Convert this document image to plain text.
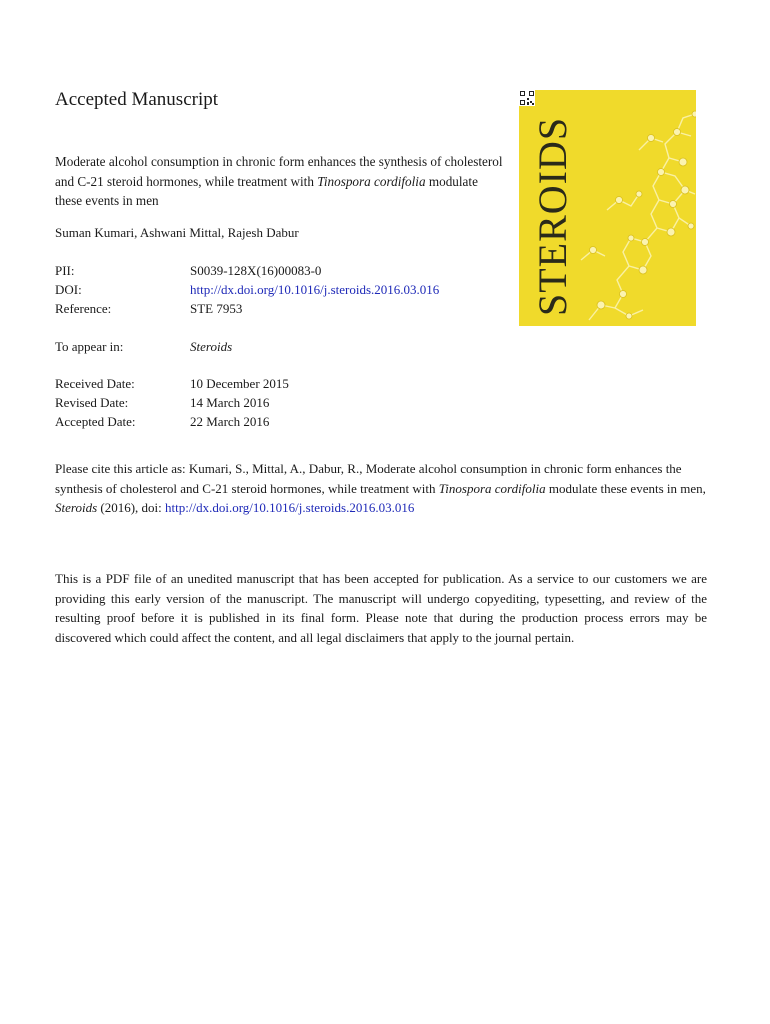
Accepted Manuscript
Moderate alcohol consumption in chronic form enhances the synthesis of cholesterol and C-21 steroid hormones, while treatment with Tinospora cordifolia modulate these events in men
Suman Kumari, Ashwani Mittal, Rajesh Dabur
PII:	S0039-128X(16)00083-0
DOI:	http://dx.doi.org/10.1016/j.steroids.2016.03.016
Reference:	STE 7953
To appear in:	Steroids
Received Date:	10 December 2015
Revised Date:	14 March 2016
Accepted Date:	22 March 2016

Please cite this article as: Kumari, S., Mittal, A., Dabur, R., Moderate alcohol consumption in chronic form enhances the synthesis of cholesterol and C-21 steroid hormones, while treatment with Tinospora cordifolia modulate these events in men, Steroids (2016), doi: http://dx.doi.org/10.1016/j.steroids.2016.03.016

This is a PDF file of an unedited manuscript that has been accepted for publication. As a service to our customers we are providing this early version of the manuscript. The manuscript will undergo copyediting, typesetting, and review of the resulting proof before it is published in its final form. Please note that during the production process errors may be discovered which could affect the content, and all legal disclaimers that apply to the journal pertain.

STEROIDS
